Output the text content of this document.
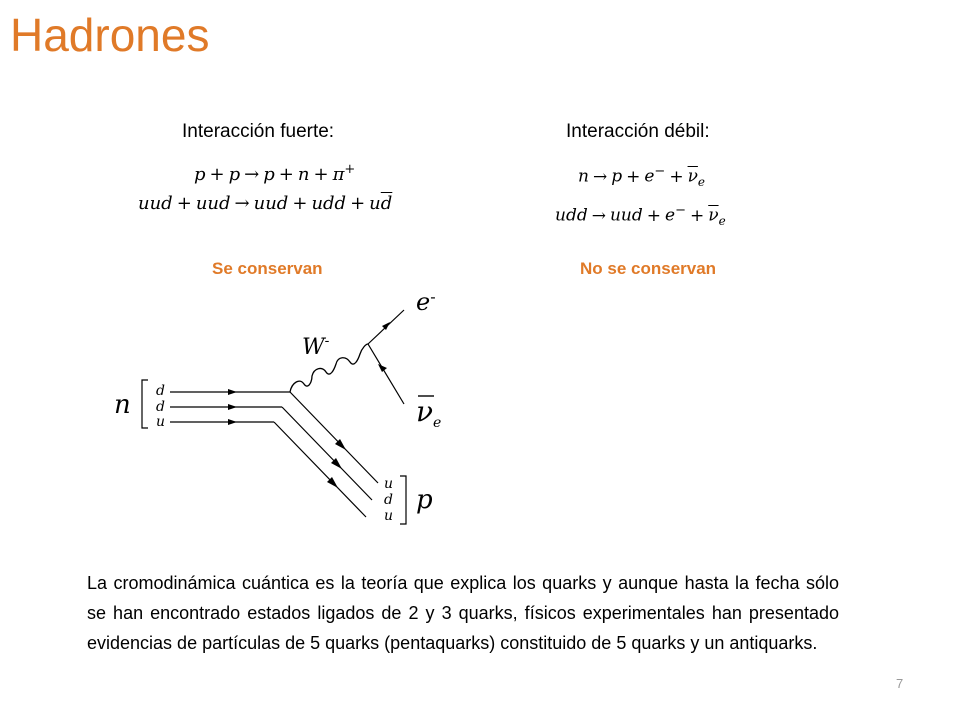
Hadrones
Interacción fuerte:	Interacción débil:
p + p → p + n + π+
uud + uud → uud + udd + $u\overline{d}$
$n \to p + e^- + \overline{\nu}_e$
udd → uud + $e^- + \overline{\nu}_e$
Se conservan	No se conservan
n d
d
u
u
d
u
p
W-
e-
$\nu_e$
La cromodinámica cuántica es la teoría que explica los quarks y aunque hasta la fecha sólo se han encontrado estados ligados de 2 y 3 quarks, físicos experimentales han presentado evidencias de partículas de 5 quarks (pentaquarks) constituido de 5 quarks y un antiquarks.
7
